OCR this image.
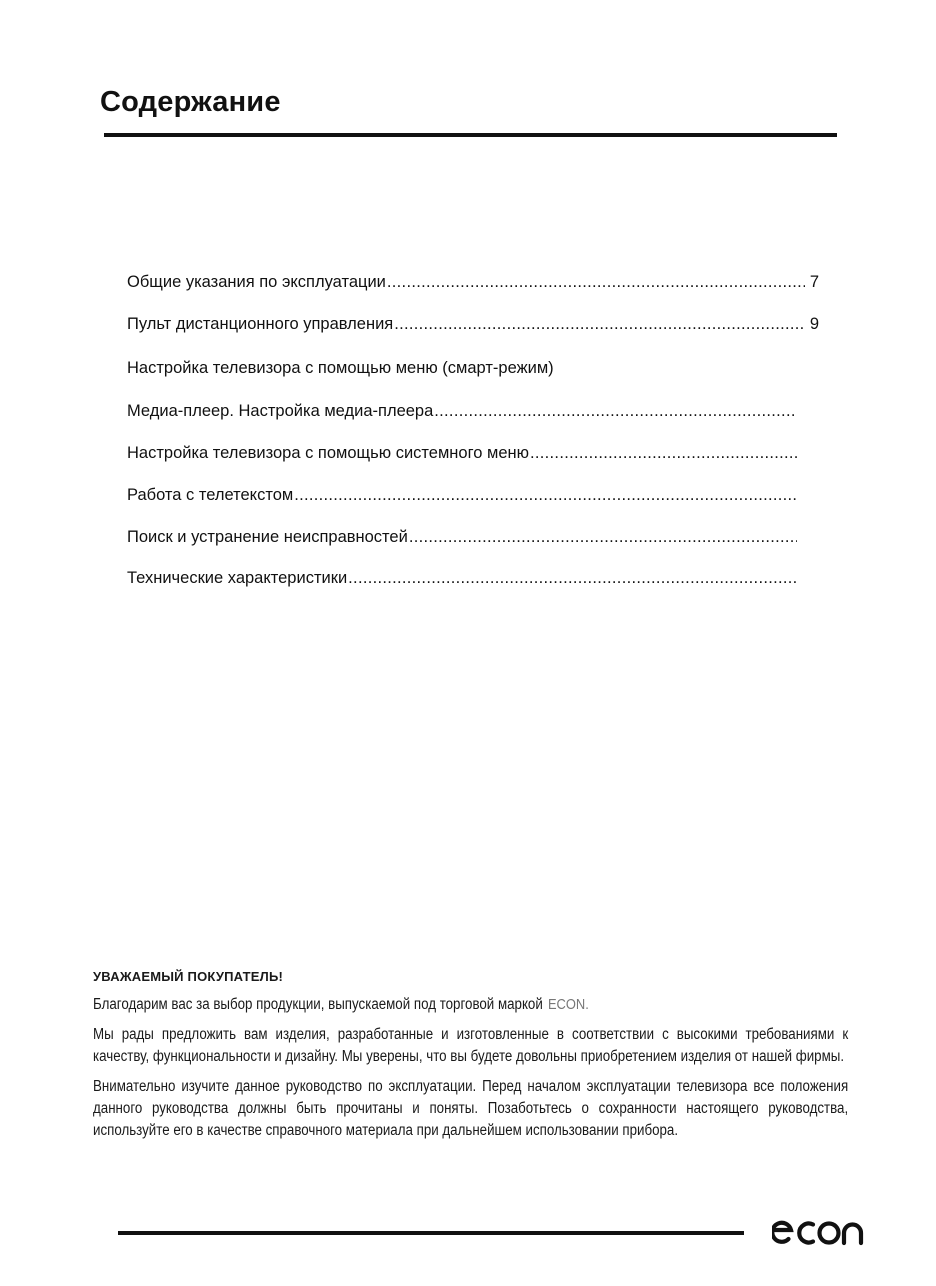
Содержание
Общие указания по эксплуатации .....	7
Пульт дистанционного управления .....	9
Настройка телевизора с помощью меню (смарт-режим)
Медиа-плеер. Настройка медиа-плеера
.....
Настройка телевизора с помощью системного меню
.....
Работа с телетекстом
.....
Поиск и устранение неисправностей
.....
Технические характеристики
.....
УВАЖАЕМЫЙ ПОКУПАТЕЛЬ!

Благодарим вас за выбор продукции, выпускаемой под торговой маркой ECON.

Мы рады предложить вам изделия, разработанные и изготовленные в соответствии с высокими требованиями к качеству, функциональности и дизайну. Мы уверены, что вы будете довольны приобретением изделия от нашей фирмы.

Внимательно изучите данное руководство по эксплуатации. Перед началом эксплуатации телевизора все положения данного руководства должны быть прочитаны и поняты. Позаботьтесь о сохранности настоящего руководства, используйте его в качестве справочного материала при дальнейшем использовании прибора.
